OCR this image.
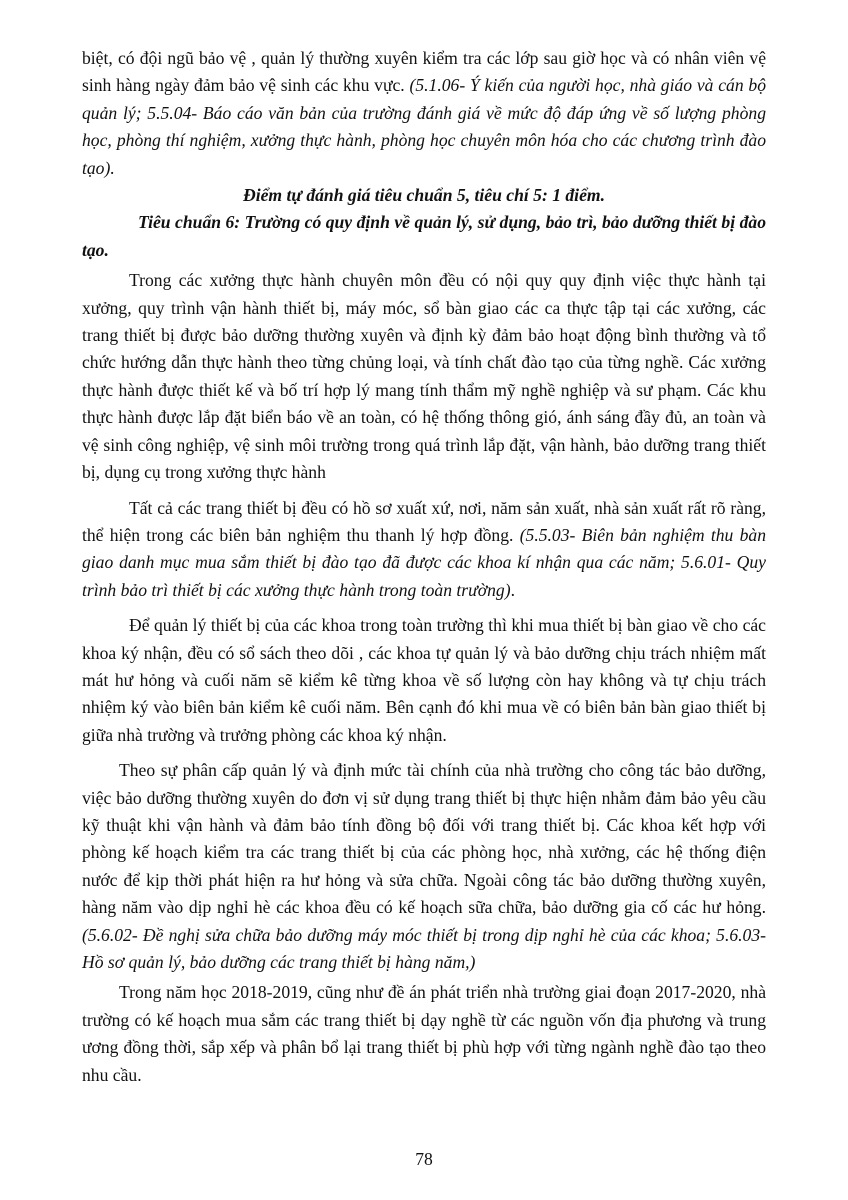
biệt, có đội ngũ bảo vệ , quản lý thường xuyên kiểm tra các lớp sau giờ học và có nhân viên vệ sinh hàng ngày đảm bảo vệ sinh các khu vực. (5.1.06- Ý kiến của người học, nhà giáo và cán bộ quản lý; 5.5.04- Báo cáo văn bản của trường đánh giá về mức độ đáp ứng về số lượng phòng học, phòng thí nghiệm, xưởng thực hành, phòng học chuyên môn hóa cho các chương trình đào tạo).

Điểm tự đánh giá tiêu chuẩn 5, tiêu chí 5: 1 điểm.

Tiêu chuẩn 6: Trường có quy định về quản lý, sử dụng, bảo trì, bảo dưỡng thiết bị đào tạo.

Trong các xưởng thực hành chuyên môn đều có nội quy quy định việc thực hành tại xưởng, quy trình vận hành thiết bị, máy móc, sổ bàn giao các ca thực tập tại các xưởng, các trang thiết bị được bảo dưỡng thường xuyên và định kỳ đảm bảo hoạt động bình thường và tổ chức hướng dẫn thực hành theo từng chủng loại, và tính chất đào tạo của từng nghề. Các xưởng thực hành được thiết kế và bố trí hợp lý mang tính thẩm mỹ nghề nghiệp và sư phạm. Các khu thực hành được lắp đặt biển báo về an toàn, có hệ thống thông gió, ánh sáng đầy đủ, an toàn và vệ sinh công nghiệp, vệ sinh môi trường trong quá trình lắp đặt, vận hành, bảo dưỡng trang thiết bị, dụng cụ trong xưởng thực hành

Tất cả các trang thiết bị đều có hồ sơ xuất xứ, nơi, năm sản xuất, nhà sản xuất rất rõ ràng, thể hiện trong các biên bản nghiệm thu thanh lý hợp đồng. (5.5.03- Biên bản nghiệm thu bàn giao danh mục mua sắm thiết bị đào tạo đã được các khoa kí nhận qua các năm; 5.6.01- Quy trình bảo trì thiết bị các xưởng thực hành trong toàn trường).

Để quản lý thiết bị của các khoa trong toàn trường thì khi mua thiết bị bàn giao về cho các khoa ký nhận, đều có sổ sách theo dõi , các khoa tự quản lý và bảo dưỡng chịu trách nhiệm mất mát hư hỏng và cuối năm sẽ kiểm kê từng khoa về số lượng còn hay không và tự chịu trách nhiệm ký vào biên bản kiểm kê cuối năm. Bên cạnh đó khi mua về có biên bản bàn giao thiết bị giữa nhà trường và trưởng phòng các khoa ký nhận.

Theo sự phân cấp quản lý và định mức tài chính của nhà trường cho công tác bảo dưỡng, việc bảo dưỡng thường xuyên do đơn vị sử dụng trang thiết bị thực hiện nhằm đảm bảo yêu cầu kỹ thuật khi vận hành và đảm bảo tính đồng bộ đối với trang thiết bị. Các khoa kết hợp với phòng kế hoạch kiểm tra các trang thiết bị của các phòng học, nhà xưởng, các hệ thống điện nước để kịp thời phát hiện ra hư hỏng và sửa chữa. Ngoài công tác bảo dưỡng thường xuyên, hàng năm vào dịp nghỉ hè các khoa đều có kế hoạch sữa chữa, bảo dưỡng gia cố các hư hỏng.(5.6.02- Đề nghị sửa chữa bảo dưỡng máy móc thiết bị trong dịp nghỉ hè của các khoa; 5.6.03- Hồ sơ quản lý, bảo dưỡng các trang thiết bị hàng năm,)

Trong năm học 2018-2019, cũng như đề án phát triển nhà trường giai đoạn 2017-2020, nhà trường có kế hoạch mua sắm các trang thiết bị dạy nghề từ các nguồn vốn địa phương và trung ương đồng thời, sắp xếp và phân bổ lại trang thiết bị phù hợp với từng ngành nghề đào tạo theo nhu cầu.

78
